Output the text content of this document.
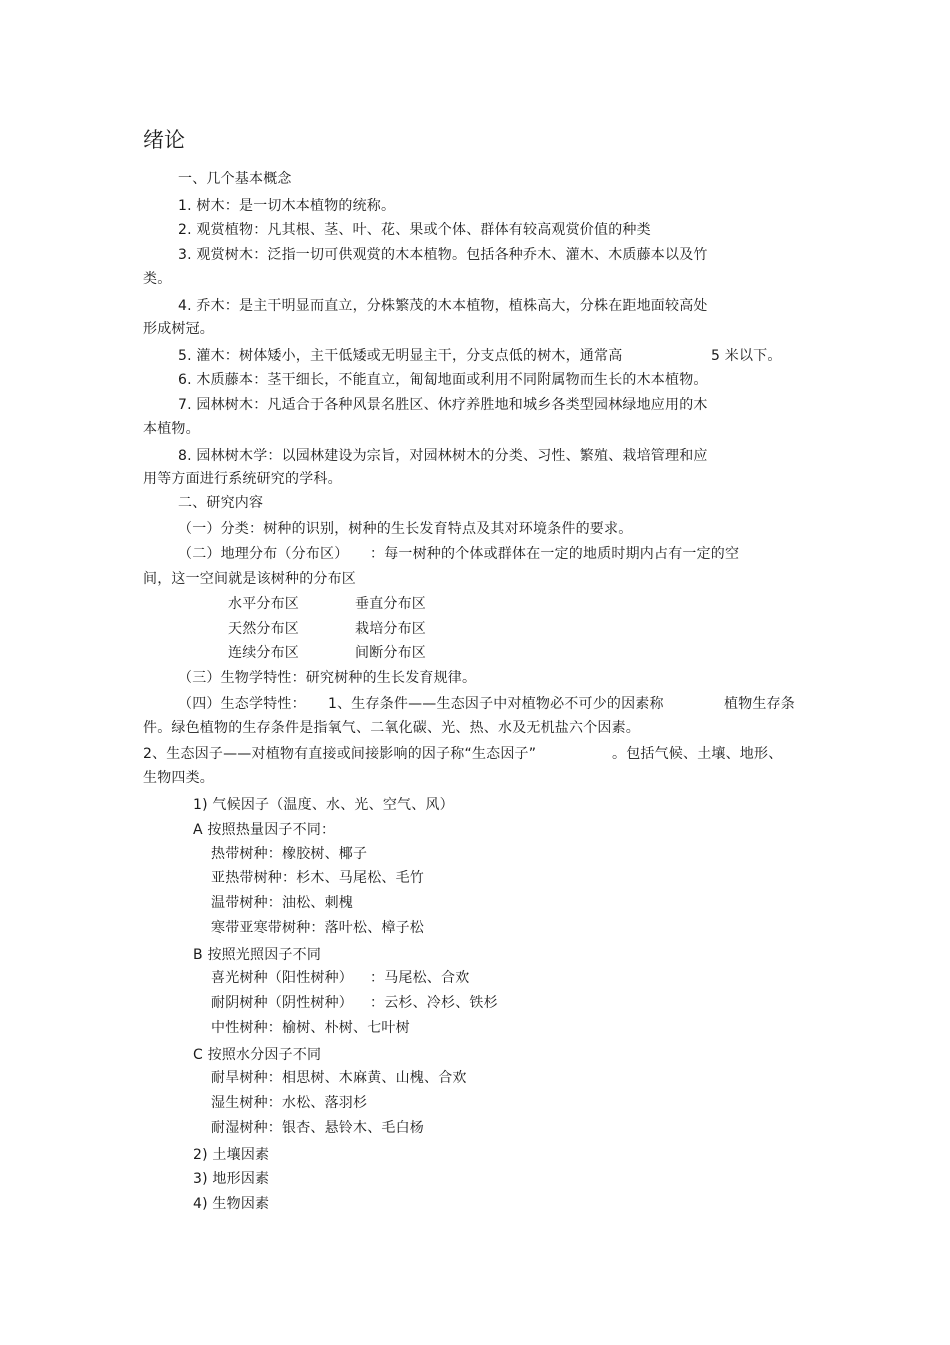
绪论

一、几个基本概念

1. 树木：是一切木本植物的统称。

2. 观赏植物：凡其根、茎、叶、花、果或个体、群体有较高观赏价值的种类

3. 观赏树木：泛指一切可供观赏的木本植物。包括各种乔木、灌木、木质藤本以及竹

类。

4. 乔木：是主干明显而直立，分株繁茂的木本植物，植株高大，分株在距地面较高处

形成树冠。

5. 灌木：树体矮小，主干低矮或无明显主干，分支点低的树木，通常高	5 米以下。

6. 木质藤本：茎干细长，不能直立，匍匐地面或利用不同附属物而生长的木本植物。

7. 园林树木：凡适合于各种风景名胜区、休疗养胜地和城乡各类型园林绿地应用的木

本植物。

8. 园林树木学：以园林建设为宗旨，对园林树木的分类、习性、繁殖、栽培管理和应

用等方面进行系统研究的学科。

二、研究内容

（一）分类：树种的识别，树种的生长发育特点及其对环境条件的要求。

（二）地理分布（分布区） ：每一树种的个体或群体在一定的地质时期内占有一定的空

间，这一空间就是该树种的分布区

水平分布区	垂直分布区

天然分布区	栽培分布区

连续分布区	间断分布区

（三）生物学特性：研究树种的生长发育规律。

（四）生态学特性： 1、生存条件——生态因子中对植物必不可少的因素称	植物生存条

件。绿色植物的生存条件是指氧气、二氧化碳、光、热、水及无机盐六个因素。

2、生态因子——对植物有直接或间接影响的因子称“生态因子”	。包括气候、土壤、地形、

生物四类。

1) 气候因子（温度、水、光、空气、风）

A 按照热量因子不同：

热带树种：橡胶树、椰子

亚热带树种：杉木、马尾松、毛竹

温带树种：油松、刺槐

寒带亚寒带树种：落叶松、樟子松

B 按照光照因子不同

喜光树种（阳性树种） ：马尾松、合欢

耐阴树种（阴性树种） ：云杉、冷杉、铁杉

中性树种：榆树、朴树、七叶树

C 按照水分因子不同

耐旱树种：相思树、木麻黄、山槐、合欢

湿生树种：水松、落羽杉

耐湿树种：银杏、悬铃木、毛白杨

2) 土壤因素

3) 地形因素

4) 生物因素
